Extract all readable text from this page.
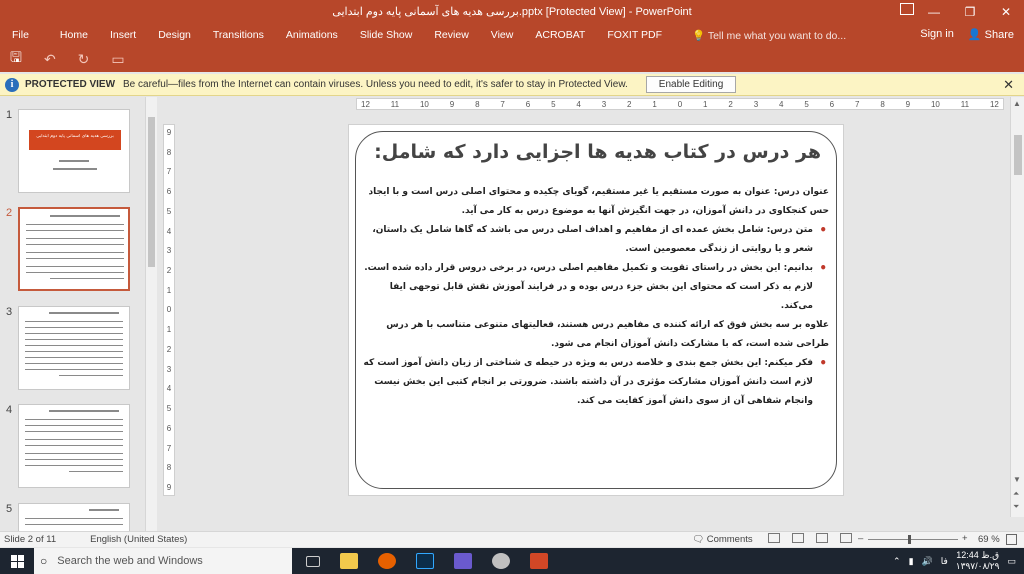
بررسی هدیه های آسمانی پایه دوم ابتدایی.pptx [Protected View] - PowerPoint	—	❐	✕
File	Home	Insert	Design	Transitions	Animations	Slide Show	Review	View	ACROBAT	FOXIT PDF	💡 Tell me what you want to do...	Sign in 👤 Share
🖫 ↶ ↻ ▭
i	PROTECTED VIEW Be careful—files from the Internet can contain viruses. Unless you need to edit, it's safer to stay in Protected View.	Enable Editing	✕
1
بررسی هدیه های آسمانی پایه دوم ابتدایی
2
3
4
5
12	11	10	9	8	7	6	5	4	3	2	1	0	1	2	3	4	5	6	7	8	9	10	11	12
9
8
7
6
5
4
3
2
1
0
1
2
3
4
5
6
7
8
9
هر درس در کتاب هدیه ها اجزایی دارد که شامل:

عنوان درس: عنوان به صورت مستقیم یا غیر مستقیم، گویای چکیده و محتوای اصلی درس است و با ایجاد حس کنجکاوی در دانش آموزان، در جهت انگیزش آنها به موضوع درس به کار می آید.

• متن درس: شامل بخش عمده ای از مفاهیم و اهداف اصلی درس می باشد که گاها شامل یک داستان، شعر و یا روایتی از زندگی معصومین است.
• بدانیم: این بخش در راستای تقویت و تکمیل مفاهیم اصلی درس، در برخی دروس قرار داده شده است. لازم به ذکر است که محتوای این بخش جزء درس بوده و در فرایند آموزش نقش قابل توجهی ایفا می‌کند.

علاوه بر سه بخش فوق که ارائه کننده ی مفاهیم درس هستند، فعالیتهای متنوعی متناسب با هر درس طراحی شده است، که با مشارکت دانش آموزان انجام می شود.

• فکر میکنم: این بخش جمع بندی و خلاصه درس به ویژه در حیطه ی شناختی از زبان دانش آموز است که لازم است دانش آموزان مشارکت مؤثری در آن داشته باشند. ضرورتی بر انجام کتبی این بخش نیست وانجام شفاهی آن از سوی دانش آموز کفایت می کند.
▲
▼
⏶
⏷
Slide 2 of 11	English (United States)	🗨 Comments	–	+ 69 %
○ Search the web and Windows	⌃ ▮ 🔊 فا
12:44 ق.ظ
۱۳۹۷/۰۸/۲۹
▭
